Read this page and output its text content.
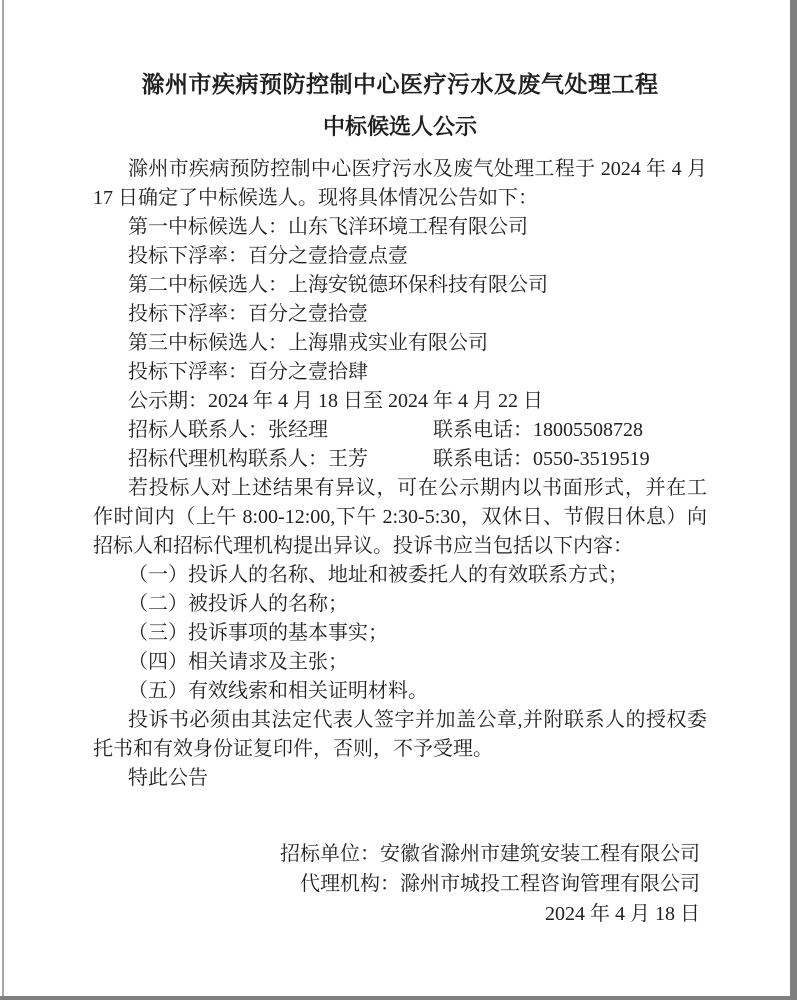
滁州市疾病预防控制中心医疗污水及废气处理工程
中标候选人公示

滁州市疾病预防控制中心医疗污水及废气处理工程于 2024 年 4 月 17 日确定了中标候选人。现将具体情况公告如下：

第一中标候选人：山东飞洋环境工程有限公司

投标下浮率：百分之壹拾壹点壹

第二中标候选人：上海安锐德环保科技有限公司

投标下浮率：百分之壹拾壹

第三中标候选人：上海鼎戎实业有限公司

投标下浮率：百分之壹拾肆

公示期：2024 年 4 月 18 日至 2024 年 4 月 22 日

招标人联系人：张经理	联系电话：18005508728
招标代理机构联系人：王芳	联系电话：0550-3519519

若投标人对上述结果有异议，可在公示期内以书面形式，并在工作时间内（上午 8:00-12:00,下午 2:30-5:30，双休日、节假日休息）向招标人和招标代理机构提出异议。投诉书应当包括以下内容：

（一）投诉人的名称、地址和被委托人的有效联系方式；

（二）被投诉人的名称；

（三）投诉事项的基本事实；

（四）相关请求及主张；

（五）有效线索和相关证明材料。

投诉书必须由其法定代表人签字并加盖公章,并附联系人的授权委托书和有效身份证复印件，否则，不予受理。

特此公告

招标单位：安徽省滁州市建筑安装工程有限公司

代理机构：滁州市城投工程咨询管理有限公司

2024 年 4 月 18 日
